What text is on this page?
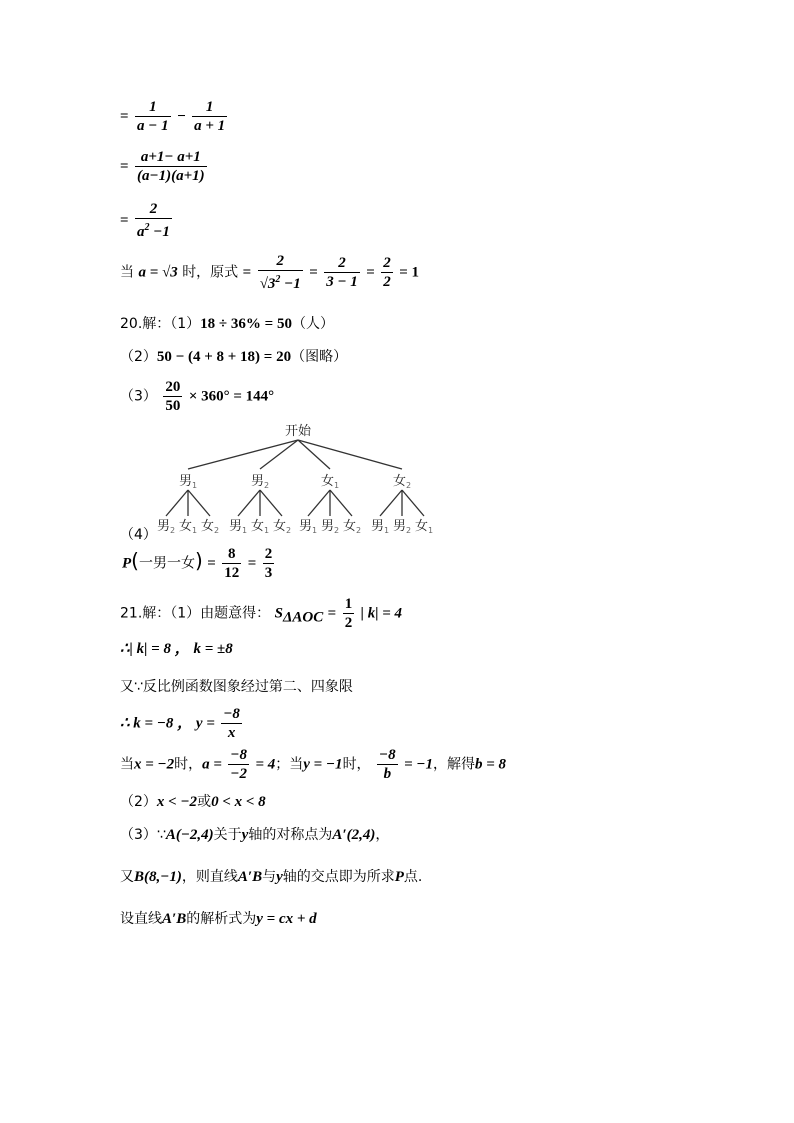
= $\frac{1}{a - 1} - \frac{1}{a + 1}$
= $\frac{a+1- a+1}{(a-1)(a+1)}$
= $\frac{2}{a^2 -1}$
当 a = √3 时，原式 = $\frac{2}{√3^2 -1} = \frac{2}{3 - 1} = \frac{2}{2} = 1$
20.解：（1）18 ÷ 36% = 50（人）
（2）50 − (4 + 8 + 18) = 20（图略）
$(3) \frac{20}{50} \times 360^\circ = 144^\circ$
（4）
开始
男$_1$
男$_2$ 女$_1$ 女$_2$
男$_2$
男$_1$ 女$_1$ 女$_2$
女$_1$
男$_1$ 男$_2$ 女$_2$
女$_2$
男$_1$ 男$_2$ 女$_1$
P(一男一女) = $\frac{8}{12} = \frac{2}{3}$
21.解：（1）由题意得： $S_{\Delta AOC} = \frac{1}{2}$ | k| = 4
∴| k| = 8 ， k = ±8
又∵反比例函数图象经过第二、四象限
∴ k = −8 ， $y = \frac{-8}{x}$
当x = −2时，$a = \frac{-8}{-2} = 4$；当y = −1时， $\frac{-8}{b} = -1$，解得b = 8
（2）x < −2或0 < x < 8
（3）∵A(−2,4)关于y轴的对称点为A′(2,4)，
又B(8,−1)，则直线A′B与y轴的交点即为所求P点.
设直线A′B的解析式为y = cx + d
